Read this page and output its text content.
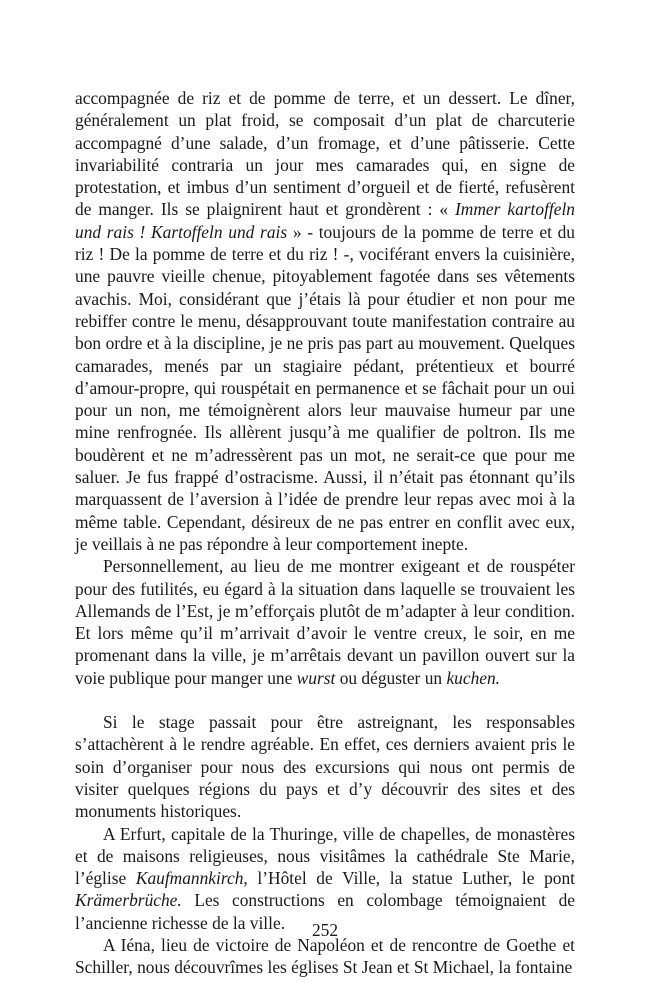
accompagnée de riz et de pomme de terre, et un dessert. Le dîner, généralement un plat froid, se composait d’un plat de charcuterie accompagné d’une salade, d’un fromage, et d’une pâtisserie. Cette invariabilité contraria un jour mes camarades qui, en signe de protestation, et imbus d’un sentiment d’orgueil et de fierté, refusèrent de manger. Ils se plaignirent haut et grondèrent : « Immer kartoffeln und rais ! Kartoffeln und rais » - toujours de la pomme de terre et du riz ! De la pomme de terre et du riz ! -, vociférant envers la cuisinière, une pauvre vieille chenue, pitoyablement fagotée dans ses vêtements avachis. Moi, considérant que j’étais là pour étudier et non pour me rebiffer contre le menu, désapprouvant toute manifestation contraire au bon ordre et à la discipline, je ne pris pas part au mouvement. Quelques camarades, menés par un stagiaire pédant, prétentieux et bourré d’amour-propre, qui rouspétait en permanence et se fâchait pour un oui pour un non, me témoignèrent alors leur mauvaise humeur par une mine renfrognée. Ils allèrent jusqu’à me qualifier de poltron. Ils me boudèrent et ne m’adressèrent pas un mot, ne serait-ce que pour me saluer. Je fus frappé d’ostracisme. Aussi, il n’était pas étonnant qu’ils marquassent de l’aversion à l’idée de prendre leur repas avec moi à la même table. Cependant, désireux de ne pas entrer en conflit avec eux, je veillais à ne pas répondre à leur comportement inepte.

Personnellement, au lieu de me montrer exigeant et de rouspéter pour des futilités, eu égard à la situation dans laquelle se trouvaient les Allemands de l’Est, je m’efforçais plutôt de m’adapter à leur condition. Et lors même qu’il m’arrivait d’avoir le ventre creux, le soir, en me promenant dans la ville, je m’arrêtais devant un pavillon ouvert sur la voie publique pour manger une wurst ou déguster un kuchen.

Si le stage passait pour être astreignant, les responsables s’attachèrent à le rendre agréable. En effet, ces derniers avaient pris le soin d’organiser pour nous des excursions qui nous ont permis de visiter quelques régions du pays et d’y découvrir des sites et des monuments historiques.

A Erfurt, capitale de la Thuringe, ville de chapelles, de monastères et de maisons religieuses, nous visitâmes la cathédrale Ste Marie, l’église Kaufmannkirch, l’Hôtel de Ville, la statue Luther, le pont Krämerbrüche. Les constructions en colombage témoignaient de l’ancienne richesse de la ville.

A Iéna, lieu de victoire de Napoléon et de rencontre de Goethe et Schiller, nous découvrîmes les églises St Jean et St Michael, la fontaine

252
